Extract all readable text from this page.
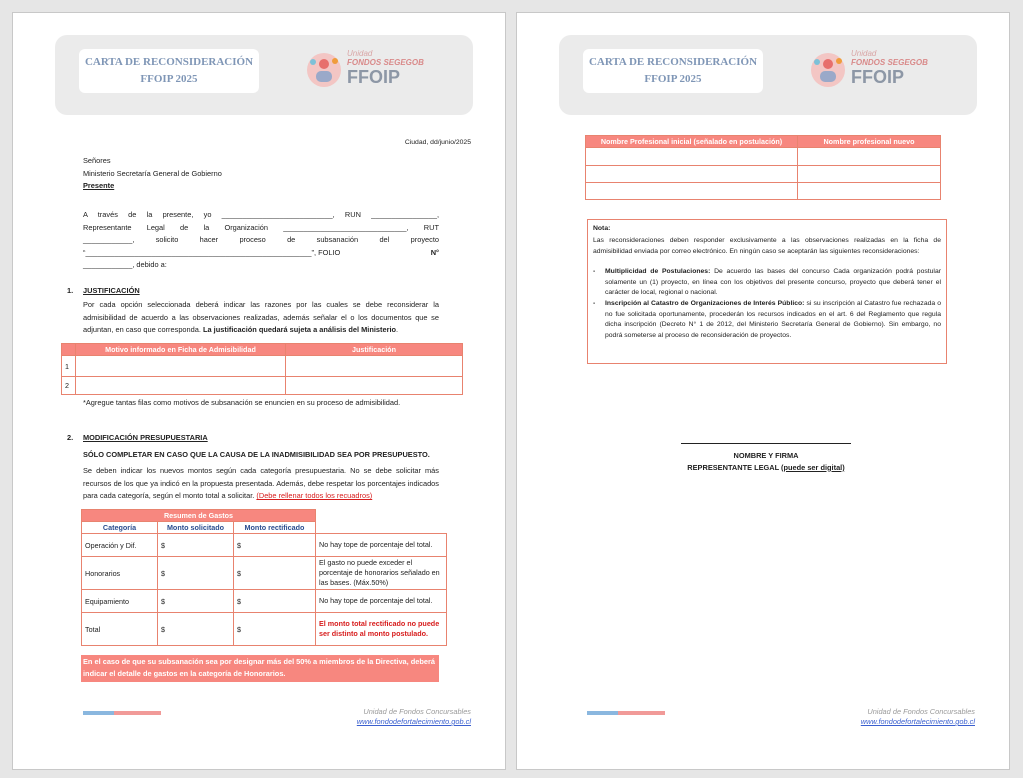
CARTA DE RECONSIDERACIÓN
FFOIP 2025
Unidad
FONDOS SEGEGOB
FFOIP
Ciudad, dd/junio/2025
Señores
Ministerio Secretaría General de Gobierno
Presente
A través de la presente, yo ___________________________, RUN ________________,
Representante Legal de la Organización ______________________________, RUT
____________, solicito hacer proceso de subsanación del proyecto
“_______________________________________________________”, FOLIO	N°
____________, debido a:
1. JUSTIFICACIÓN
Por cada opción seleccionada deberá indicar las razones por las cuales se debe reconsiderar la admisibilidad de acuerdo a las observaciones realizadas, además señalar el o los documentos que se adjuntan, en caso que corresponda. La justificación quedará sujeta a análisis del Ministerio.
	Motivo informado en Ficha de Admisibilidad	Justificación
1		
2		
*Agregue tantas filas como motivos de subsanación se enuncien en su proceso de admisibilidad.
2. MODIFICACIÓN PRESUPUESTARIA
SÓLO COMPLETAR EN CASO QUE LA CAUSA DE LA INADMISIBILIDAD SEA POR PRESUPUESTO.
Se deben indicar los nuevos montos según cada categoría presupuestaria. No se debe solicitar más recursos de los que ya indicó en la propuesta presentada. Además, debe respetar los porcentajes indicados para cada categoría, según el monto total a solicitar. (Debe rellenar todos los recuadros)
Resumen de Gastos			
Categoría	Monto solicitado	Monto rectificado	
Operación y Dif.	$	$	No hay tope de porcentaje del total.
Honorarios	$	$	El gasto no puede exceder el porcentaje de honorarios señalado en las bases. (Máx.50%)
Equipamiento	$	$	No hay tope de porcentaje del total.
Total	$	$	El monto total rectificado no puede ser distinto al monto postulado.
En el caso de que su subsanación sea por designar más del 50% a miembros de la Directiva, deberá indicar el detalle de gastos en la categoría de Honorarios.
Unidad de Fondos Concursables
www.fondodefortalecimiento.gob.cl
CARTA DE RECONSIDERACIÓN
FFOIP 2025
Unidad
FONDOS SEGEGOB
FFOIP
Nombre Profesional inicial (señalado en postulación)	Nombre profesional nuevo

Nota:
Las reconsideraciones deben responder exclusivamente a las observaciones realizadas en la ficha de admisibilidad enviada por correo electrónico. En ningún caso se aceptarán las siguientes reconsideraciones:
- Multiplicidad de Postulaciones: De acuerdo las bases del concurso Cada organización podrá postular solamente un (1) proyecto, en línea con los objetivos del presente concurso, proyecto que deberá tener el carácter de local, regional o nacional.
- Inscripción al Catastro de Organizaciones de Interés Público: si su inscripción al Catastro fue rechazada o no fue solicitada oportunamente, procederán los recursos indicados en el art. 6 del Reglamento que regula dicha inscripción (Decreto N° 1 de 2012, del Ministerio Secretaría General de Gobierno). Sin embargo, no podrá someterse al proceso de reconsideración de proyectos.
NOMBRE Y FIRMA
REPRESENTANTE LEGAL (puede ser digital)
Unidad de Fondos Concursables
www.fondodefortalecimiento.gob.cl
